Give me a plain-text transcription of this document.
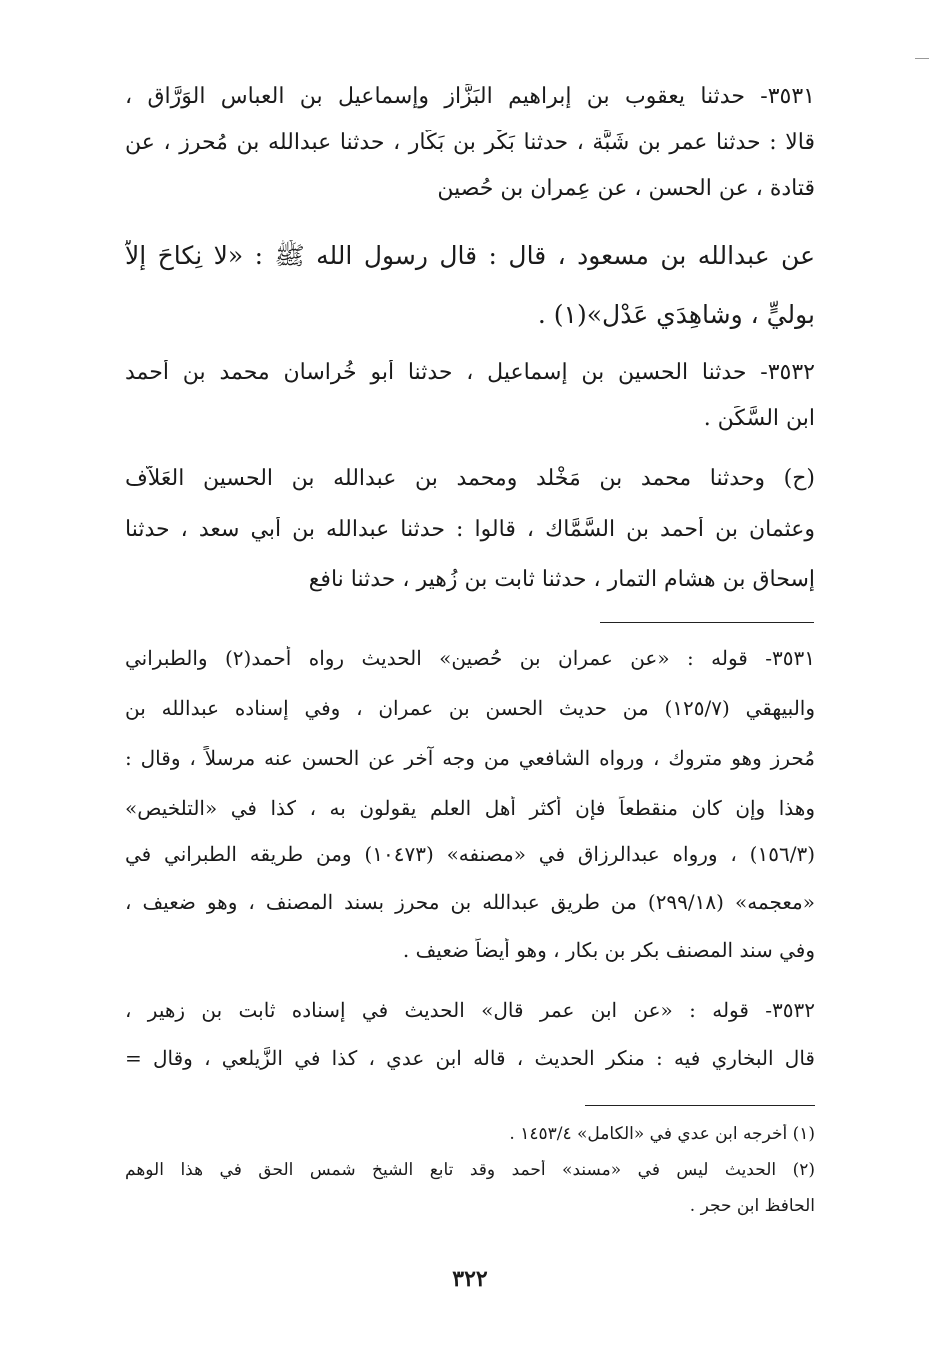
٣٥٣١- حدثنا يعقوب بن إبراهيم البَزَّاز وإسماعيل بن العباس الوَرَّاق ،
قالا : حدثنا عمر بن شَبَّة ، حدثنا بَكْر بن بَكَّار ، حدثنا عبدالله بن مُحرِز ، عن
قتادة ، عن الحسنِ ، عن عِمران بن حُصين
عن عبدالله بن مسعود ، قال : قال رسول الله ﷺ : «لا نِكاحَ إلاّ
بوليٍّ ، وشاهِدَي عَدْل»(١) .
٣٥٣٢- حدثنا الحسين بن إسماعيل ، حدثنا أبو خُراسان محمد بن أحمد
ابن السَّكَن .
(ح) وحدثنا محمد بن مَخْلد ومحمد بن عبدالله بن الحسين العَلاَّف
وعثمان بن أحمد بن السَّمَّاك ، قالوا : حدثنا عبدالله بن أبي سعد ، حدثنا
إسحاق بن هشام التمار ، حدثنا ثابت بن زُهير ، حدثنا نافع
٣٥٣١- قوله : «عن عمران بن حُصين» الحديث رواه أحمد(٢) والطبراني
والبيهقي (١٢٥/٧) من حديث الحسن بن عمران ، وفي إسناده عبدالله بن
مُحرِز وهو متروك ، ورواه الشافعي من وجه آخر عن الحسن عنه مرسلاً ، وقال :
وهذا وإن كان منقطعاً فإن أكثر أهل العلم يقولون به ، كذا في «التلخيص»
(١٥٦/٣) ، ورواه عبدالرزاق في «مصنفه» (١٠٤٧٣) ومن طريقه الطبراني في
«معجمه» (٢٩٩/١٨) من طريق عبدالله بن محرز بسند المصنف ، وهو ضعيف ،
وفي سند المصنف بكر بن بكار ، وهو أيضاً ضعيف .
٣٥٣٢- قوله : «عن ابن عمر قال» الحديث في إسناده ثابت بن زهير ،
قال البخاري فيه : منكر الحديث ، قاله ابن عدي ، كذا في الزَّيلعي ، وقال =
(١) أخرجه ابن عدي في «الكامل» ١٤٥٣/٤ .
(٢) الحديث ليس في «مسند» أحمد وقد تابع الشيخ شمس الحق في هذا الوهم
الحافظ ابن حجر .
٣٢٢
